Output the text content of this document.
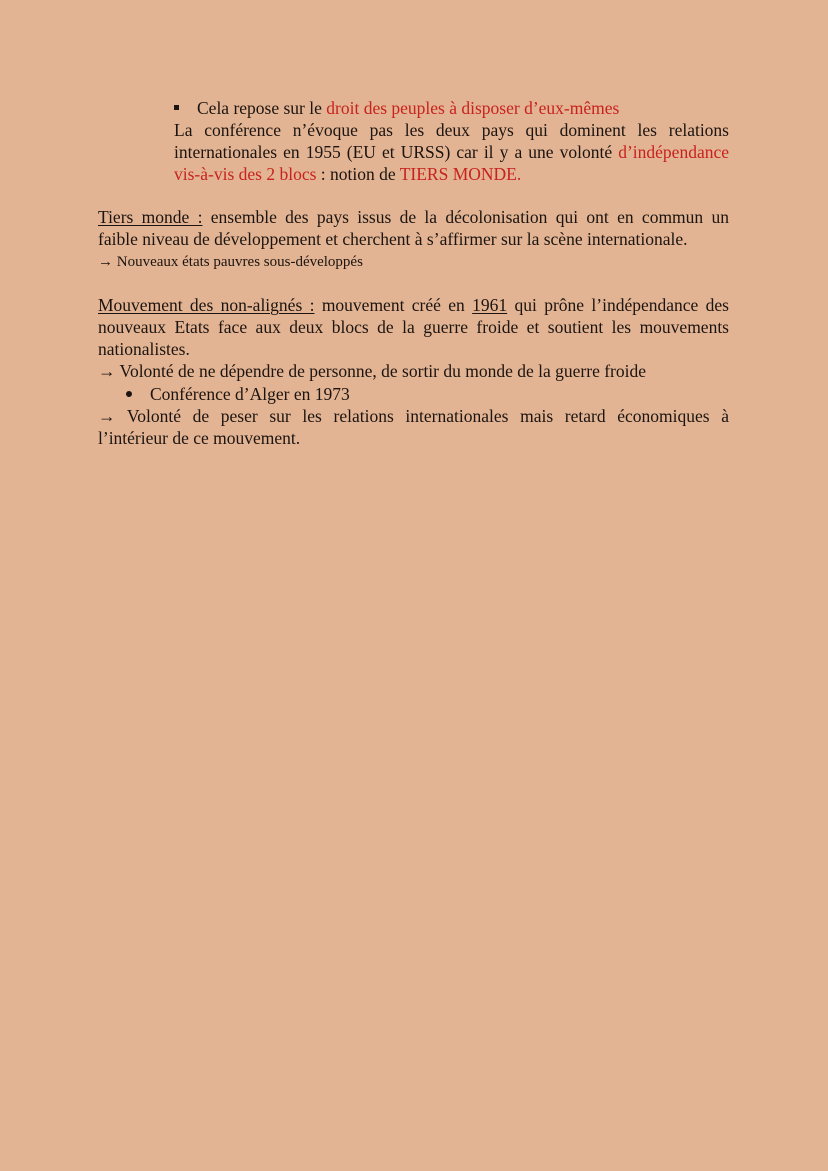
Cela repose sur le droit des peuples à disposer d’eux-mêmes
La conférence n’évoque pas les deux pays qui dominent les relations
internationales en 1955 (EU et URSS) car il y a une volonté d’indépendance
vis-à-vis des 2 blocs : notion de TIERS MONDE.
Tiers monde : ensemble des pays issus de la décolonisation qui ont en commun un
faible niveau de développement et cherchent à s’affirmer sur la scène internationale.
→ Nouveaux états pauvres sous-développés
Mouvement des non-alignés : mouvement créé en 1961 qui prône l’indépendance des
nouveaux Etats face aux deux blocs de la guerre froide et soutient les mouvements
nationalistes.
→ Volonté de ne dépendre de personne, de sortir du monde de la guerre froide
Conférence d’Alger en 1973
→ Volonté de peser sur les relations internationales mais retard économiques à
l’intérieur de ce mouvement.
